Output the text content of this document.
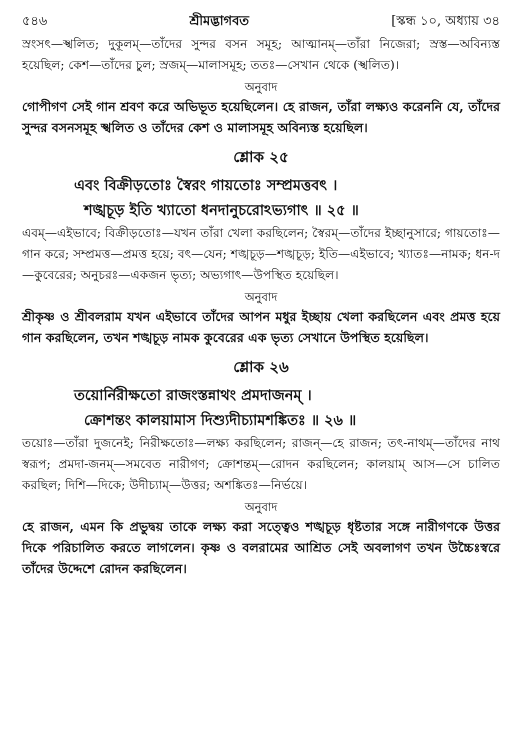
৫৪৬	শ্রীমদ্ভাগবত	[স্কন্ধ ১০, অধ্যায় ৩৪

স্রংসৎ—স্খলিত; দুকূলম্—তাঁদের সুন্দর বসন সমূহ; আত্মানম্—তাঁরা নিজেরা; স্রস্ত—অবিন্যস্ত হয়েছিল; কেশ—তাঁদের চুল; স্রজম্—মালাসমূহ; ততঃ—সেখান থেকে (স্খলিত)।

অনুবাদ

গোপীগণ সেই গান শ্রবণ করে অভিভূত হয়েছিলেন। হে রাজন, তাঁরা লক্ষ্যও করেননি যে, তাঁদের সুন্দর বসনসমূহ স্খলিত ও তাঁদের কেশ ও মালাসমূহ অবিন্যস্ত হয়েছিল।

শ্লোক ২৫

এবং বিক্রীড়তোঃ স্বৈরং গায়তোঃ সম্প্রমত্তবৎ ।

শঙ্খচূড় ইতি খ্যাতো ধনদানুচরোঽভ্যগাৎ ॥ ২৫ ॥

এবম্—এইভাবে; বিক্রীড়তোঃ—যখন তাঁরা খেলা করছিলেন; স্বৈরম্—তাঁদের ইচ্ছানুসারে; গায়তোঃ—গান করে; সম্প্রমত্ত—প্রমত্ত হয়ে; বৎ—যেন; শঙ্খচূড়—শঙ্খচূড়; ইতি—এইভাবে; খ্যাতঃ—নামক; ধন-দ—কুবেরের; অনুচরঃ—একজন ভৃত্য; অভ্যগাৎ—উপস্থিত হয়েছিল।

অনুবাদ

শ্রীকৃষ্ণ ও শ্রীবলরাম যখন এইভাবে তাঁদের আপন মধুর ইচ্ছায় খেলা করছিলেন এবং প্রমত্ত হয়ে গান করছিলেন, তখন শঙ্খচূড় নামক কুবেরের এক ভৃত্য সেখানে উপস্থিত হয়েছিল।

শ্লোক ২৬

তয়োর্নিরীক্ষতো রাজংস্তন্নাথং প্রমদাজনম্ ।

ক্রোশন্তং কালয়ামাস দিশ্যুদীচ্যামশঙ্কিতঃ ॥ ২৬ ॥

তয়োঃ—তাঁরা দুজনেই; নিরীক্ষতোঃ—লক্ষ্য করছিলেন; রাজন্—হে রাজন; তৎ-নাথম্—তাঁদের নাথ স্বরূপ; প্রমদা-জনম্—সমবেত নারীগণ; ক্রোশন্তম্—রোদন করছিলেন; কালয়াম্ আস—সে চালিত করছিল; দিশি—দিকে; উদীচ্যাম্—উত্তর; অশঙ্কিতঃ—নির্ভয়ে।

অনুবাদ

হে রাজন, এমন কি প্রভুদ্বয় তাকে লক্ষ্য করা সত্ত্বেও শঙ্খচূড় ধৃষ্টতার সঙ্গে নারীগণকে উত্তর দিকে পরিচালিত করতে লাগলেন। কৃষ্ণ ও বলরামের আশ্রিত সেই অবলাগণ তখন উচ্চৈঃস্বরে তাঁদের উদ্দেশে রোদন করছিলেন।
